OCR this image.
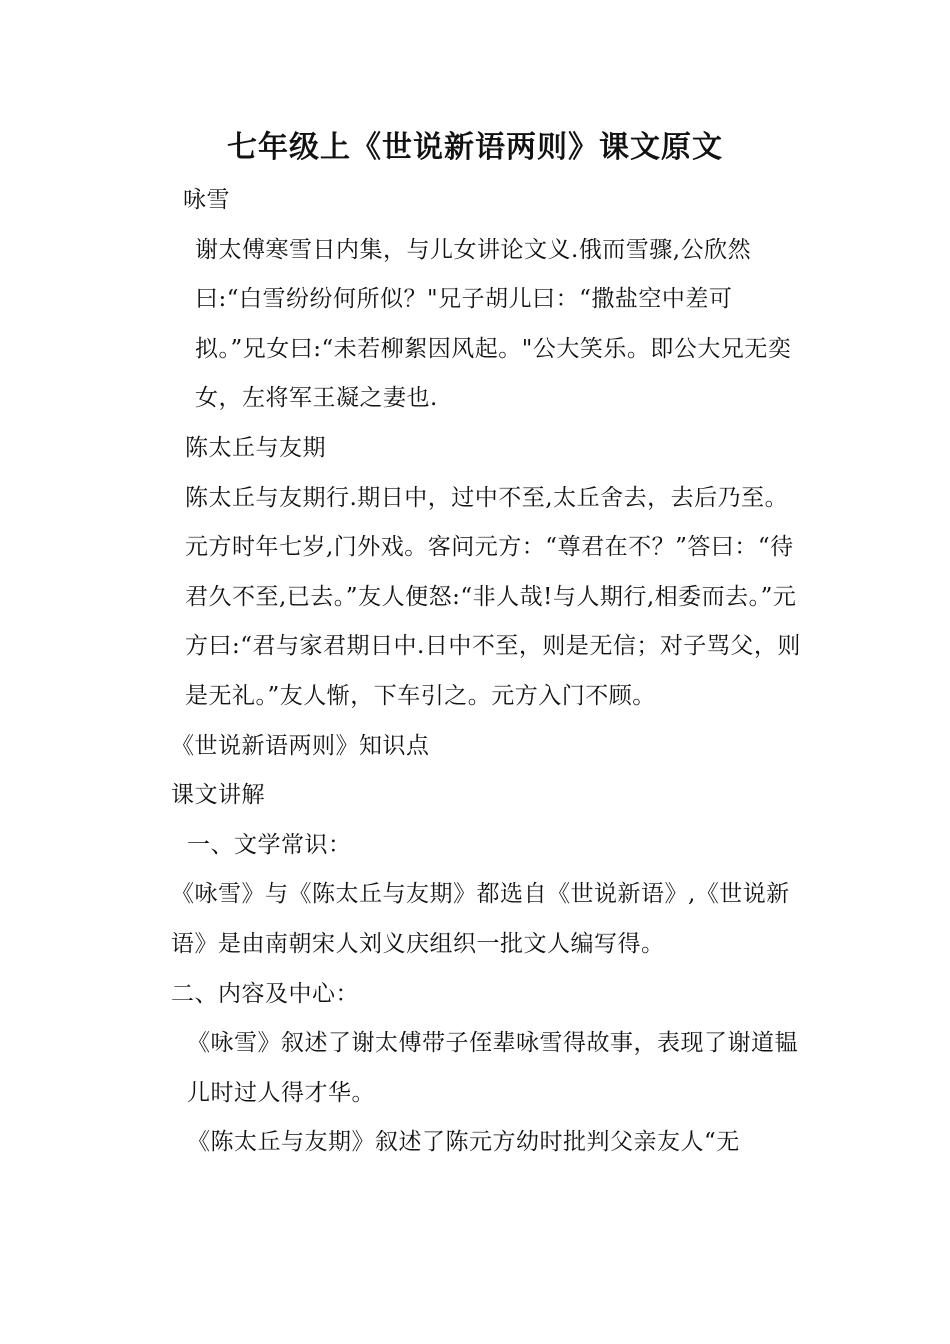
七年级上《世说新语两则》课文原文

咏雪

谢太傅寒雪日内集，与儿女讲论文义.俄而雪骤,公欣然曰:“白雪纷纷何所似？"兄子胡儿曰：“撒盐空中差可拟。”兄女曰:“未若柳絮因风起。"公大笑乐。即公大兄无奕女，左将军王凝之妻也.

陈太丘与友期

陈太丘与友期行.期日中，过中不至,太丘舍去，去后乃至。 元方时年七岁,门外戏。客问元方：“尊君在不？”答曰：“待君久不至,已去。”友人便怒:“非人哉!与人期行,相委而去。”元方曰:“君与家君期日中.日中不至，则是无信；对子骂父，则是无礼。”友人惭，下车引之。元方入门不顾。

《世说新语两则》知识点

课文讲解

一、文学常识：

《咏雪》与《陈太丘与友期》都选自《世说新语》,《世说新语》是由南朝宋人刘义庆组织一批文人编写得。

二、内容及中心：

《咏雪》叙述了谢太傅带子侄辈咏雪得故事，表现了谢道韫儿时过人得才华。

《陈太丘与友期》叙述了陈元方幼时批判父亲友人“无
